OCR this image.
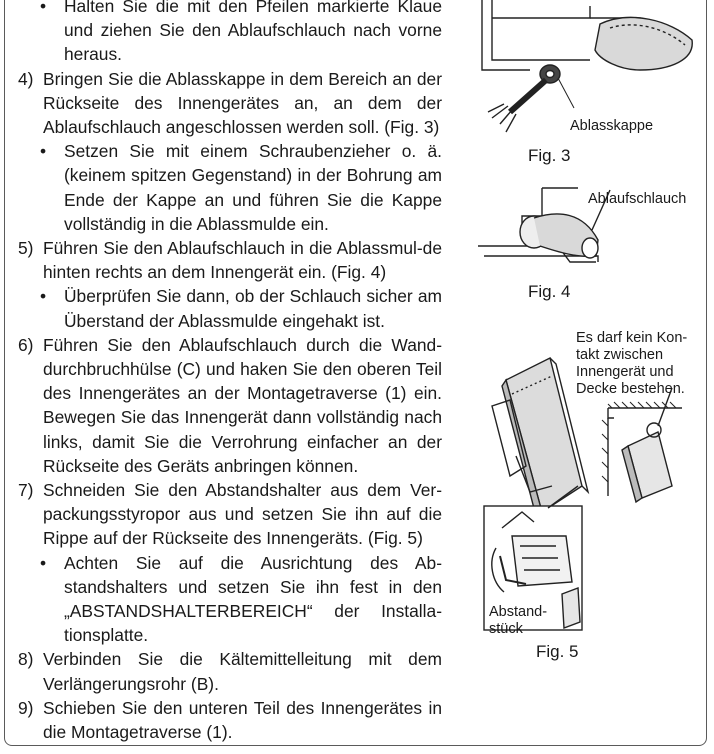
• Halten Sie die mit den Pfeilen markierte Klaue und ziehen Sie den Ablaufschlauch nach vorne heraus.

4) Bringen Sie die Ablasskappe in dem Bereich an der Rückseite des Innengerätes an, an dem der Ablaufschlauch angeschlossen werden soll. (Fig. 3)

• Setzen Sie mit einem Schraubenzieher o. ä. (keinem spitzen Gegenstand) in der Bohrung am Ende der Kappe an und führen Sie die Kappe vollständig in die Ablassmulde ein.

5) Führen Sie den Ablaufschlauch in die Ablassmul-de hinten rechts an dem Innengerät ein. (Fig. 4)

• Überprüfen Sie dann, ob der Schlauch sicher am Überstand der Ablassmulde eingehakt ist.

6) Führen Sie den Ablaufschlauch durch die Wand-durchbruchhülse (C) und haken Sie den oberen Teil des Innengerätes an der Montagetraverse (1) ein. Bewegen Sie das Innengerät dann vollständig nach links, damit Sie die Verrohrung einfacher an der Rückseite des Geräts anbringen können.

7) Schneiden Sie den Abstandshalter aus dem Ver-packungsstyropor aus und setzen Sie ihn auf die Rippe auf der Rückseite des Innengeräts. (Fig. 5)

• Achten Sie auf die Ausrichtung des Ab-standshalters und setzen Sie ihn fest in den „ABSTANDSHALTERBEREICH“ der Installa-tionsplatte.

8) Verbinden Sie die Kältemittelleitung mit dem Verlängerungsrohr (B).

9) Schieben Sie den unteren Teil des Innengerätes in die Montagetraverse (1).

Ablasskappe
Fig. 3
Ablaufschlauch
Fig. 4
Es darf kein Kon-takt zwischen Innengerät und Decke bestehen.
Abstand-stück
Fig. 5
